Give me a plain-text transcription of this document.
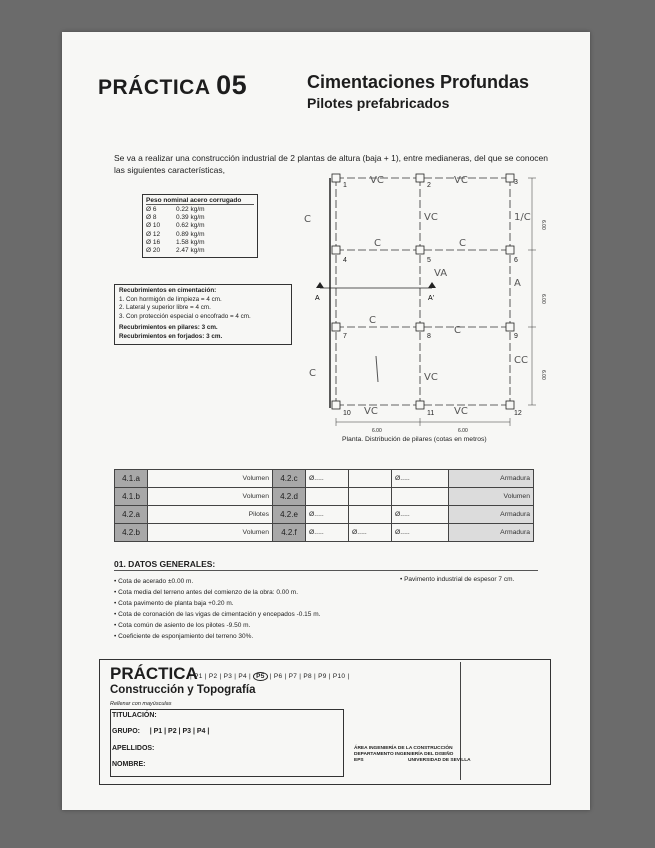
PRÁCTICA 05	Cimentaciones Profundas
Pilotes prefabricados
Se va a realizar una construcción industrial de 2 plantas de altura (baja + 1), entre medianeras, del que se conocen las siguientes características,
Peso nominal acero corrugado
Ø 6	0.22 kg/m
Ø 8	0.39 kg/m
Ø 10	0.62 kg/m
Ø 12	0.89 kg/m
Ø 16	1.58 kg/m
Ø 20	2.47 kg/m
Recubrimientos en cimentación:
1. Con hormigón de limpieza = 4 cm.
2. Lateral y superior libre = 4 cm.
3. Con protección especial o encofrado = 4 cm.
Recubrimientos en pilares: 3 cm.
Recubrimientos en forjados: 3 cm.
1	2	3
4	5	6
7	8	9
10	11	12
A	A'
6.00	6.00
6.00
6.00
6.00
VC	VC
C	VC	1/C
C	C
VA
A
C
C
CC
C	VC
VC	VC
Planta. Distribución de pilares (cotas en metros)
4.1.a	Volumen	4.2.c	Ø.....		Ø.....	Armadura
4.1.b	Volumen	4.2.d				Volumen
4.2.a	Pilotes	4.2.e	Ø.....		Ø.....	Armadura
4.2.b	Volumen	4.2.f	Ø.....	Ø.....	Ø.....	Armadura
01. DATOS GENERALES:
• Cota de acerado ±0.00 m.
• Cota media del terreno antes del comienzo de la obra: 0.00 m.
• Cota pavimento de planta baja +0.20 m.
• Cota de coronación de las vigas de cimentación y encepados -0.15 m.
• Cota común de asiento de los pilotes -9.50 m.
• Coeficiente de esponjamiento del terreno 30%.
• Pavimento industrial de espesor 7 cm.
PRÁCTICA
| P1 | P2 | P3 | P4 | P5 | P6 | P7 | P8 | P9 | P10 |
Construcción y Topografía
Rellenar con mayúsculas
TITULACIÓN:
GRUPO: | P1 | P2 | P3 | P4 |
APELLIDOS:
NOMBRE:
ÁREA INGENIERÍA DE LA CONSTRUCCIÓN
DEPARTAMENTO INGENIERÍA DEL DISEÑO
EPS	UNIVERSIDAD DE SEVILLA
